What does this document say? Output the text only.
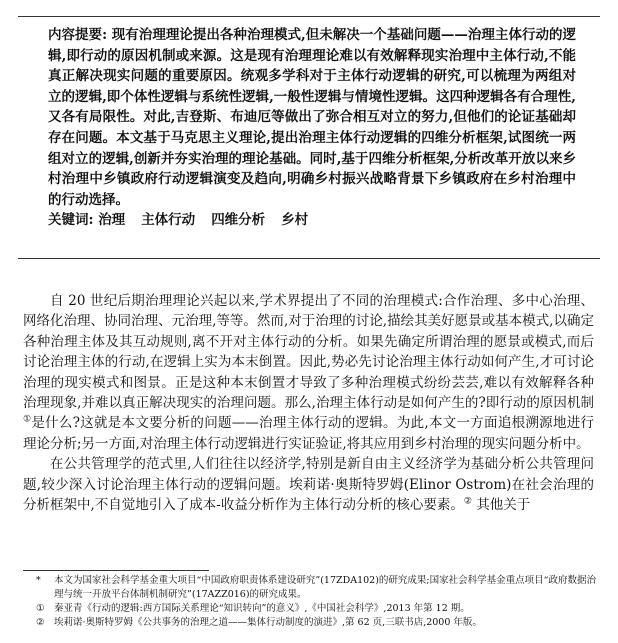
内容提要: 现有治理理论提出各种治理模式,但未解决一个基础问题——治理主体行动的逻辑,即行动的原因机制或来源。这是现有治理理论难以有效解释现实治理中主体行动,不能真正解决现实问题的重要原因。统观多学科对于主体行动逻辑的研究,可以梳理为两组对立的逻辑,即个体性逻辑与系统性逻辑,一般性逻辑与情境性逻辑。这四种逻辑各有合理性,又各有局限性。对此,吉登斯、布迪厄等做出了弥合相互对立的努力,但他们的论证基础却存在问题。本文基于马克思主义理论,提出治理主体行动逻辑的四维分析框架,试图统一两组对立的逻辑,创新并夯实治理的理论基础。同时,基于四维分析框架,分析改革开放以来乡村治理中乡镇政府行动逻辑演变及趋向,明确乡村振兴战略背景下乡镇政府在乡村治理中的行动选择。

关键词: 治理 主体行动 四维分析 乡村

自 20 世纪后期治理理论兴起以来,学术界提出了不同的治理模式:合作治理、多中心治理、网络化治理、协同治理、元治理,等等。然而,对于治理的讨论,描绘其美好愿景或基本模式,以确定各种治理主体及其互动规则,离不开对主体行动的分析。如果先确定所谓治理的愿景或模式,而后讨论治理主体的行动,在逻辑上实为本末倒置。因此,势必先讨论治理主体行动如何产生,才可讨论治理的现实模式和图景。正是这种本末倒置才导致了多种治理模式纷纷芸芸,难以有效解释各种治理现象,并难以真正解决现实的治理问题。那么,治理主体行动是如何产生的?即行动的原因机制①是什么?这就是本文要分析的问题——治理主体行动的逻辑。为此,本文一方面追根溯源地进行理论分析;另一方面,对治理主体行动逻辑进行实证验证,将其应用到乡村治理的现实问题分析中。

在公共管理学的范式里,人们往往以经济学,特别是新自由主义经济学为基础分析公共管理问题,较少深入讨论治理主体行动的逻辑问题。埃莉诺·奥斯特罗姆(Elinor Ostrom)在社会治理的分析框架中,不自觉地引入了成本-收益分析作为主体行动分析的核心要素。② 其他关于

*	本文为国家社会科学基金重大项目“中国政府职责体系建设研究”(17ZDA102)的研究成果;国家社会科学基金重点项目“政府数据治理与统一开放平台体制机制研究”(17AZZ016)的研究成果。
① 秦亚青《行动的逻辑:西方国际关系理论“知识转向”的意义》,《中国社会科学》,2013 年第 12 期。
② 埃莉诺·奥斯特罗姆《公共事务的治理之道——集体行动制度的演进》,第 62 页,三联书店,2000 年版。
